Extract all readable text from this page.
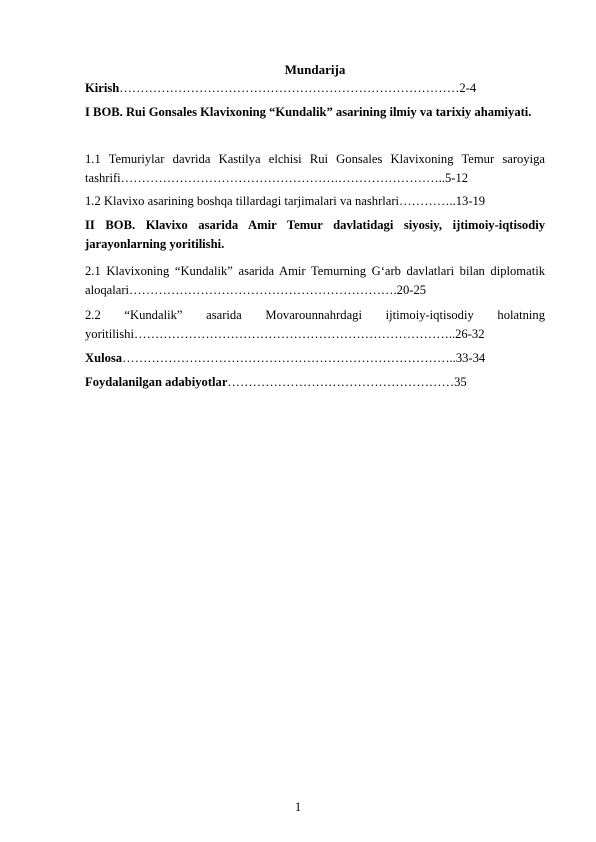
Mundarija
Kirish………………………………………………………………………2-4
I BOB. Rui Gonsales Klavixoning “Kundalik” asarining ilmiy va tarixiy ahamiyati.
1.1 Temuriylar davrida Kastilya elchisi Rui Gonsales Klavixoning Temur saroyiga tashrifi…………………………………………….……………………..5-12
1.2 Klavixo asarining boshqa tillardagi tarjimalari va nashrlari…………..13-19
II BOB. Klavixo asarida Amir Temur davlatidagi siyosiy, ijtimoiy-iqtisodiy jarayonlarning yoritilishi.
2.1 Klavixoning “Kundalik” asarida Amir Temurning G‘arb davlatlari bilan diplomatik aloqalari……………………………………………………….20-25
2.2 “Kundalik” asarida Movarounnahrdagi ijtimoiy-iqtisodiy holatning
yoritilishi…………………………………………………………………..26-32
Xulosa……………………………………………………………………..33-34
Foydalanilgan adabiyotlar………………………………………………35
1
